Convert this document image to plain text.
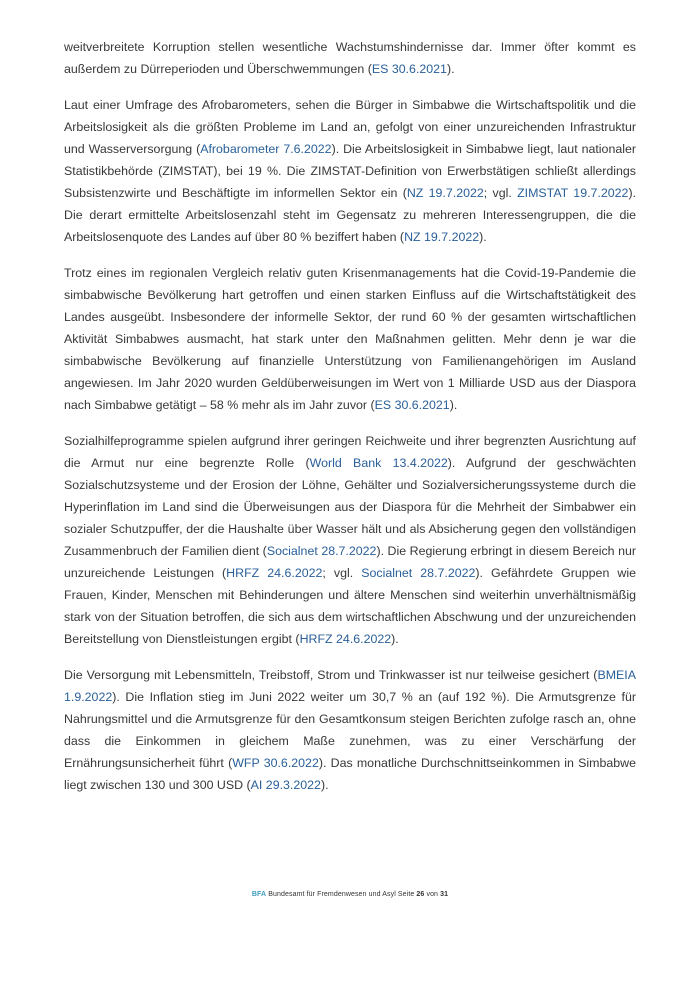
weitverbreitete Korruption stellen wesentliche Wachstumshindernisse dar. Immer öfter kommt es außerdem zu Dürreperioden und Überschwemmungen (ES 30.6.2021).

Laut einer Umfrage des Afrobarometers, sehen die Bürger in Simbabwe die Wirtschaftspolitik und die Arbeitslosigkeit als die größten Probleme im Land an, gefolgt von einer unzureichenden Infrastruktur und Wasserversorgung (Afrobarometer 7.6.2022). Die Arbeitslosigkeit in Simbabwe liegt, laut nationaler Statistikbehörde (ZIMSTAT), bei 19 %. Die ZIMSTAT-Definition von Erwerbstätigen schließt allerdings Subsistenzwirte und Beschäftigte im informellen Sektor ein (NZ 19.7.2022; vgl. ZIMSTAT 19.7.2022). Die derart ermittelte Arbeitslosenzahl steht im Gegensatz zu mehreren Interessengruppen, die die Arbeitslosenquote des Landes auf über 80 % beziffert haben (NZ 19.7.2022).

Trotz eines im regionalen Vergleich relativ guten Krisenmanagements hat die Covid-19-Pandemie die simbabwische Bevölkerung hart getroffen und einen starken Einfluss auf die Wirtschaftstätigkeit des Landes ausgeübt. Insbesondere der informelle Sektor, der rund 60 % der gesamten wirtschaftlichen Aktivität Simbabwes ausmacht, hat stark unter den Maßnahmen gelitten. Mehr denn je war die simbabwische Bevölkerung auf finanzielle Unterstützung von Familienangehörigen im Ausland angewiesen. Im Jahr 2020 wurden Geldüberweisungen im Wert von 1 Milliarde USD aus der Diaspora nach Simbabwe getätigt – 58 % mehr als im Jahr zuvor (ES 30.6.2021).

Sozialhilfeprogramme spielen aufgrund ihrer geringen Reichweite und ihrer begrenzten Ausrichtung auf die Armut nur eine begrenzte Rolle (World Bank 13.4.2022). Aufgrund der geschwächten Sozialschutzsysteme und der Erosion der Löhne, Gehälter und Sozialversicherungssysteme durch die Hyperinflation im Land sind die Überweisungen aus der Diaspora für die Mehrheit der Simbabwer ein sozialer Schutzpuffer, der die Haushalte über Wasser hält und als Absicherung gegen den vollständigen Zusammenbruch der Familien dient (Socialnet 28.7.2022). Die Regierung erbringt in diesem Bereich nur unzureichende Leistungen (HRFZ 24.6.2022; vgl. Socialnet 28.7.2022). Gefährdete Gruppen wie Frauen, Kinder, Menschen mit Behinderungen und ältere Menschen sind weiterhin unverhältnismäßig stark von der Situation betroffen, die sich aus dem wirtschaftlichen Abschwung und der unzureichenden Bereitstellung von Dienstleistungen ergibt (HRFZ 24.6.2022).

Die Versorgung mit Lebensmitteln, Treibstoff, Strom und Trinkwasser ist nur teilweise gesichert (BMEIA 1.9.2022). Die Inflation stieg im Juni 2022 weiter um 30,7 % an (auf 192 %). Die Armutsgrenze für Nahrungsmittel und die Armutsgrenze für den Gesamtkonsum steigen Berichten zufolge rasch an, ohne dass die Einkommen in gleichem Maße zunehmen, was zu einer Verschärfung der Ernährungsunsicherheit führt (WFP 30.6.2022). Das monatliche Durchschnittseinkommen in Simbabwe liegt zwischen 130 und 300 USD (AI 29.3.2022).

BFA Bundesamt für Fremdenwesen und Asyl Seite 26 von 31
